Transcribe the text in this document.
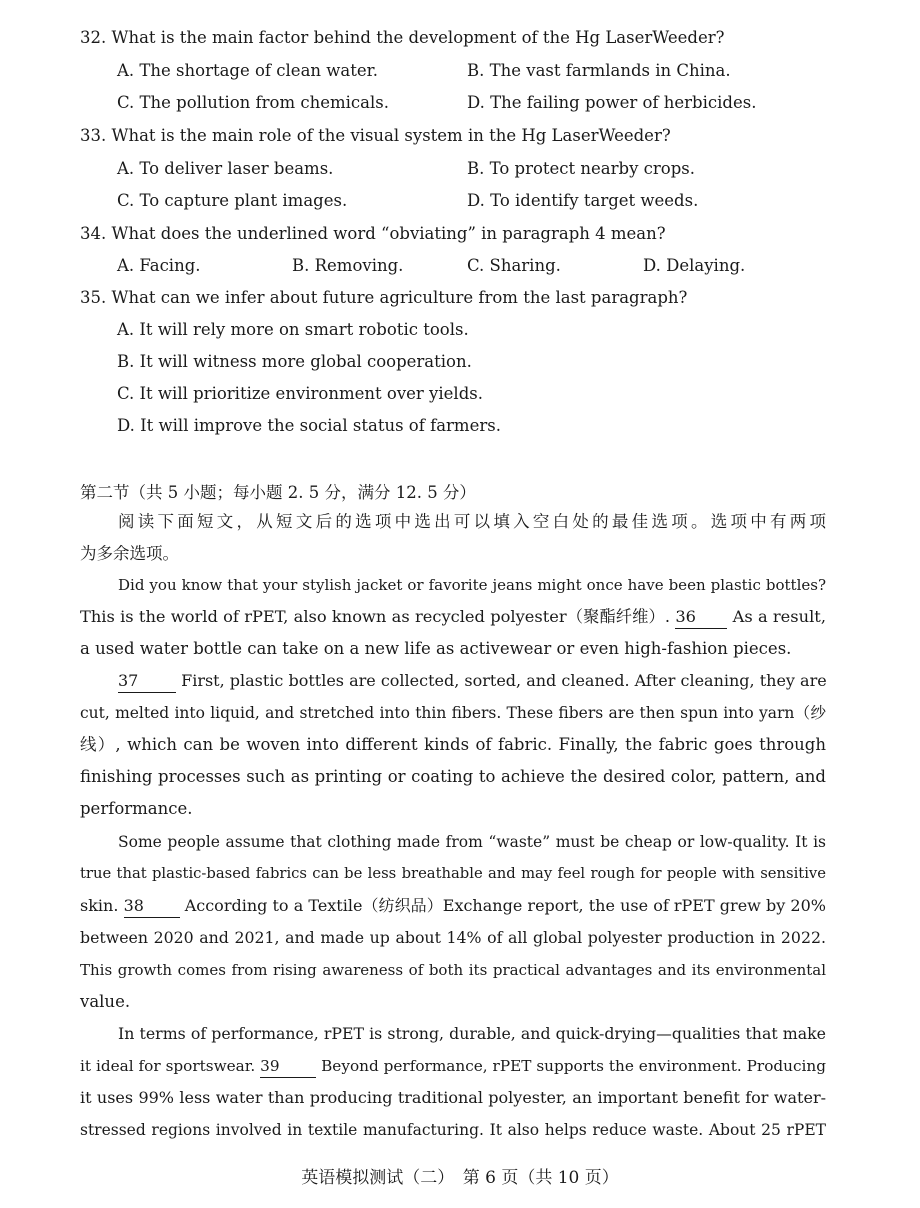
32. What is the main factor behind the development of the Hg LaserWeeder?
A. The shortage of clean water.	B. The vast farmlands in China.
C. The pollution from chemicals.	D. The failing power of herbicides.
33. What is the main role of the visual system in the Hg LaserWeeder?
A. To deliver laser beams.	B. To protect nearby crops.
C. To capture plant images.	D. To identify target weeds.
34. What does the underlined word “obviating” in paragraph 4 mean?
A. Facing.	B. Removing.	C. Sharing.	D. Delaying.
35. What can we infer about future agriculture from the last paragraph?
A. It will rely more on smart robotic tools.
B. It will witness more global cooperation.
C. It will prioritize environment over yields.
D. It will improve the social status of farmers.
第二节（共 5 小题；每小题 2. 5 分，满分 12. 5 分）
阅读下面短文，从短文后的选项中选出可以填入空白处的最佳选项。选项中有两项
为多余选项。
Did you know that your stylish jacket or favorite jeans might once have been plastic bottles?
This is the world of rPET, also known as recycled polyester（聚酯纤维）. 36 As a result,
a used water bottle can take on a new life as activewear or even high-fashion pieces.
37	First, plastic bottles are collected, sorted, and cleaned. After cleaning, they are
cut, melted into liquid, and stretched into thin fibers. These fibers are then spun into yarn（纱
线）, which can be woven into different kinds of fabric. Finally, the fabric goes through
finishing processes such as printing or coating to achieve the desired color, pattern, and
performance.
Some people assume that clothing made from “waste” must be cheap or low-quality. It is
true that plastic-based fabrics can be less breathable and may feel rough for people with sensitive
skin. 38	According to a Textile（纺织品）Exchange report, the use of rPET grew by 20%
between 2020 and 2021, and made up about 14% of all global polyester production in 2022.
This growth comes from rising awareness of both its practical advantages and its environmental
value.
In terms of performance, rPET is strong, durable, and quick-drying—qualities that make
it ideal for sportswear. 39	Beyond performance, rPET supports the environment. Producing
it uses 99% less water than producing traditional polyester, an important benefit for water-
stressed regions involved in textile manufacturing. It also helps reduce waste. About 25 rPET
英语模拟测试（二）　第 6 页（共 10 页）
